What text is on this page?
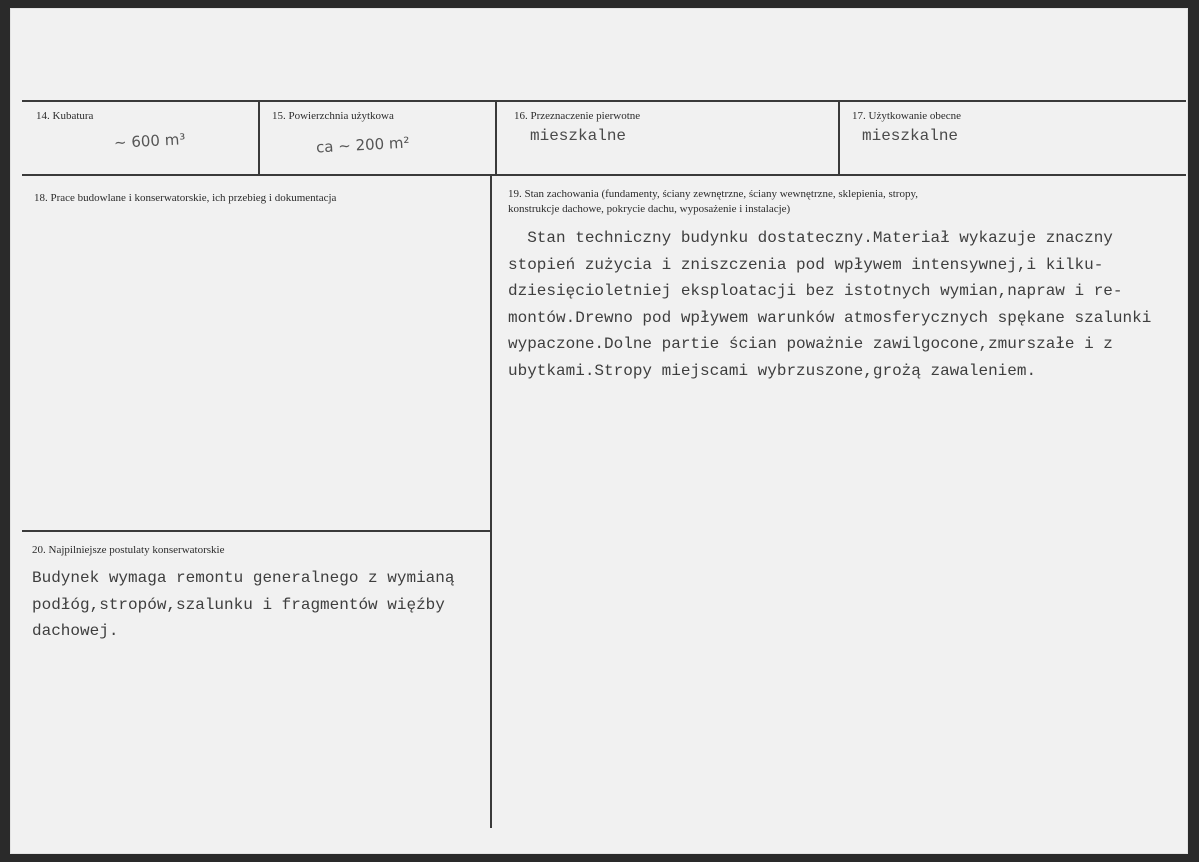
14. Kubatura
~ 600 m³
15. Powierzchnia użytkowa
ca ~ 200 m²
16. Przeznaczenie pierwotne
mieszkalne
17. Użytkowanie obecne
mieszkalne
18. Prace budowlane i konserwatorskie, ich przebieg i dokumentacja	19. Stan zachowania (fundamenty, ściany zewnętrzne, ściany wewnętrzne, sklepienia, stropy,
konstrukcje dachowe, pokrycie dachu, wyposażenie i instalacje)
Stan techniczny budynku dostateczny.Materiał wykazuje znaczny
stopień zużycia i zniszczenia pod wpływem intensywnej,i kilku-
dziesięcioletniej eksploatacji bez istotnych wymian,napraw i re-
montów.Drewno pod wpływem warunków atmosferycznych spękane szalunki
wypaczone.Dolne partie ścian poważnie zawilgocone,zmurszałe i z
ubytkami.Stropy miejscami wybrzuszone,grożą zawaleniem.
20. Najpilniejsze postulaty konserwatorskie
Budynek wymaga remontu generalnego z wymianą
podłóg,stropów,szalunku i fragmentów więźby
dachowej.
